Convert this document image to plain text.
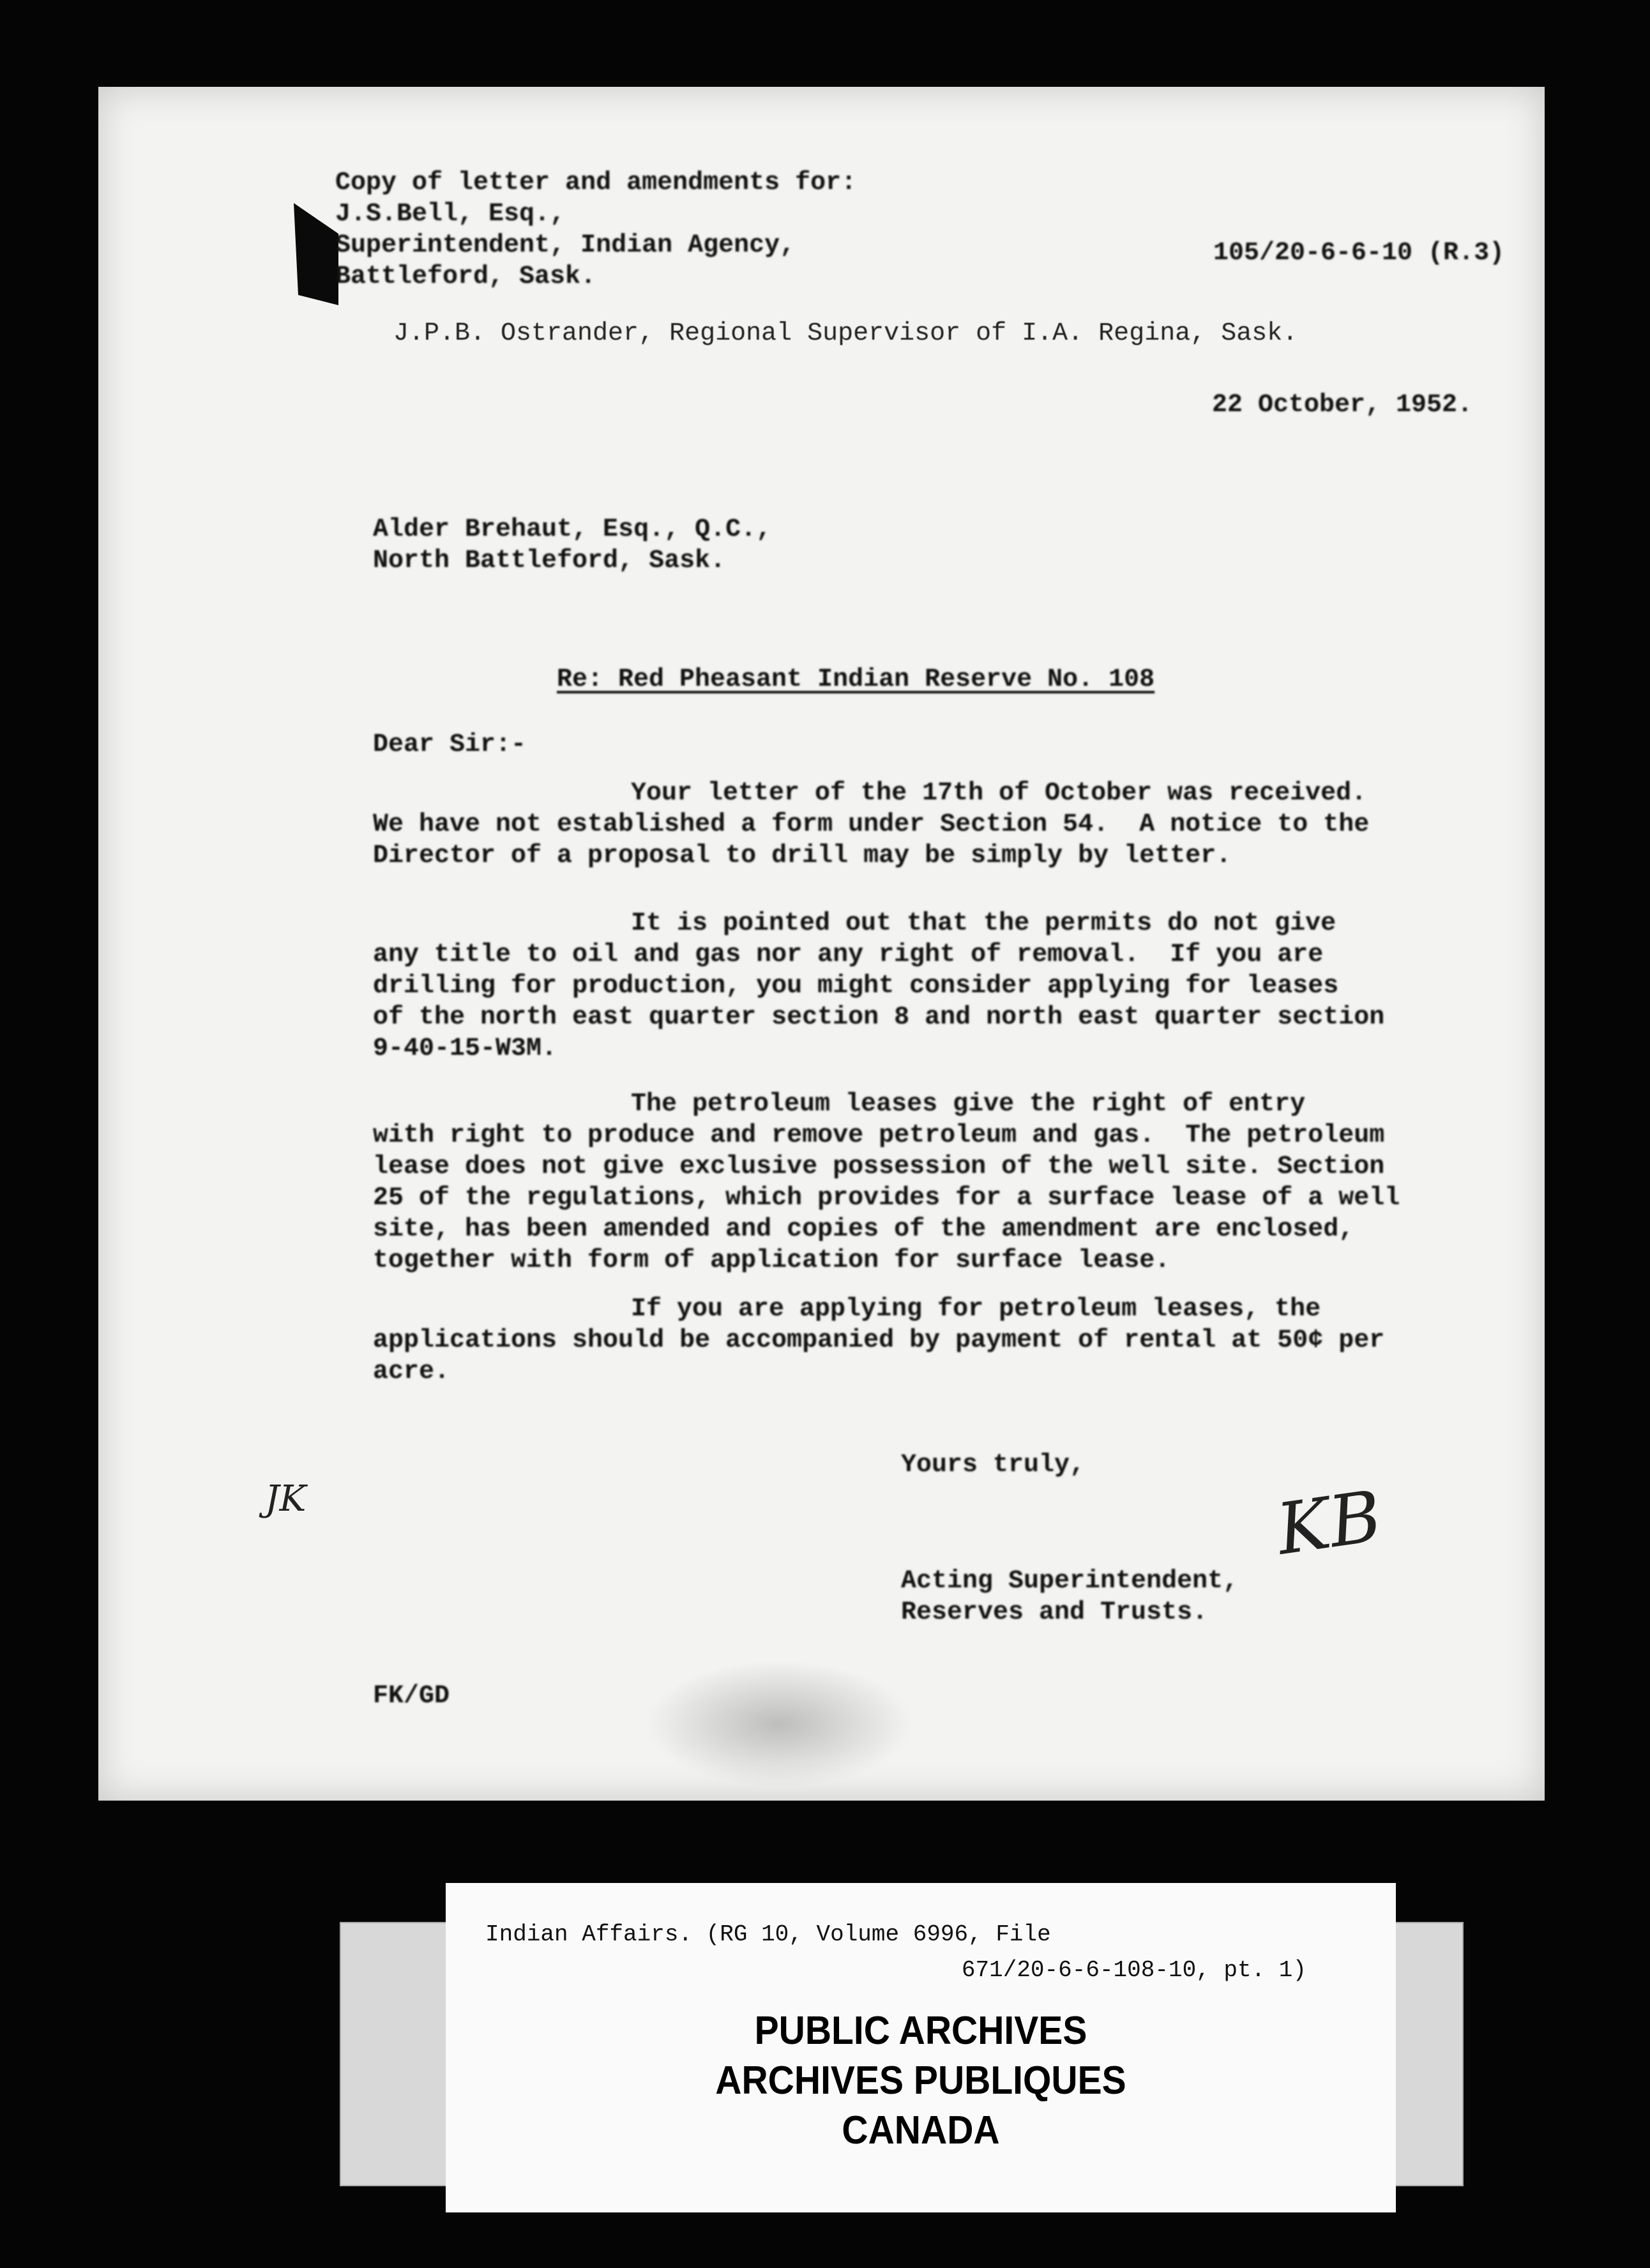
Copy of letter and amendments for:
J.S.Bell, Esq.,
Superintendent, Indian Agency,
Battleford, Sask.
105/20-6-6-10 (R.3)
J.P.B. Ostrander, Regional Supervisor of I.A. Regina, Sask.
22 October, 1952.
Alder Brehaut, Esq., Q.C.,
North Battleford, Sask.
Re: Red Pheasant Indian Reserve No. 108
Dear Sir:-
Your letter of the 17th of October was received.
We have not established a form under Section 54.  A notice to the
Director of a proposal to drill may be simply by letter.
It is pointed out that the permits do not give
any title to oil and gas nor any right of removal.  If you are
drilling for production, you might consider applying for leases
of the north east quarter section 8 and north east quarter section
9-40-15-W3M.
The petroleum leases give the right of entry
with right to produce and remove petroleum and gas.  The petroleum
lease does not give exclusive possession of the well site. Section
25 of the regulations, which provides for a surface lease of a well
site, has been amended and copies of the amendment are enclosed,
together with form of application for surface lease.
If you are applying for petroleum leases, the
applications should be accompanied by payment of rental at 50¢ per
acre.
Yours truly,
KB
Acting Superintendent,
Reserves and Trusts.
JK
FK/GD
Indian Affairs. (RG 10, Volume 6996, File
671/20-6-6-108-10, pt. 1)
PUBLIC ARCHIVES
ARCHIVES PUBLIQUES
CANADA
